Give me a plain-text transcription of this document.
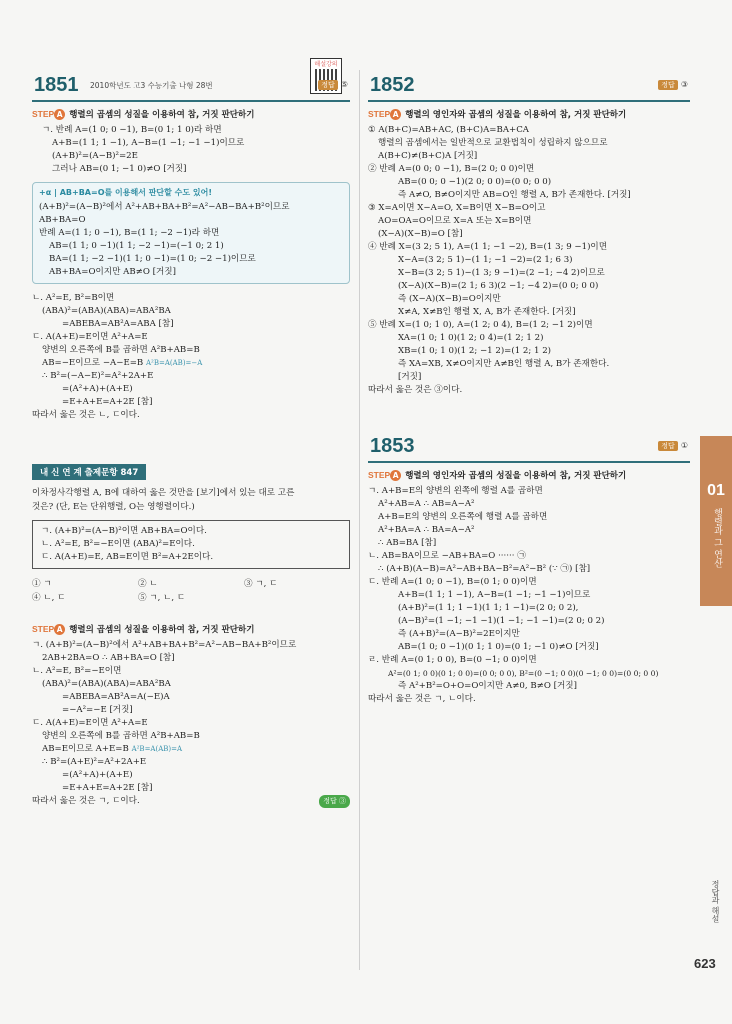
1851 2010학년도 고3 수능기출 나형 28번
해설강의
정답 ⑤
STEP A 행렬의 곱셈의 성질을 이용하여 참, 거짓 판단하기
ㄱ. 반례 A=(1 0; 0 −1), B=(0 1; 1 0)라 하면
A+B=(1 1; 1 −1), A−B=(1 −1; −1 −1)이므로
(A+B)²=(A−B)²=2E
그러나 AB=(0 1; −1 0)≠O [거짓]
+α | AB+BA=O를 이용해서 판단할 수도 있어!
(A+B)²=(A−B)²에서 A²+AB+BA+B²=A²−AB−BA+B²이므로
AB+BA=O
반례 A=(1 1; 0 −1), B=(1 1; −2 −1)라 하면
AB=(1 1; 0 −1)(1 1; −2 −1)=(−1 0; 2 1)
BA=(1 1; −2 −1)(1 1; 0 −1)=(1 0; −2 −1)이므로
AB+BA=O이지만 AB≠O [거짓]
ㄴ. A²=E, B²=B이면
(ABA)²=(ABA)(ABA)=ABA²BA
=ABEBA=AB²A=ABA [참]
ㄷ. A(A+E)=E이면 A²+A=E
양변의 오른쪽에 B를 곱하면 A²B+AB=B
AB=−E이므로 −A−E=B A²B=A(AB)=−A
∴ B²=(−A−E)²=A²+2A+E
=(A²+A)+(A+E)
=E+A+E=A+2E [참]
따라서 옳은 것은 ㄴ, ㄷ이다.
내 신 연 계 출제문항 847
이차정사각행렬 A, B에 대하여 옳은 것만을 [보기]에서 있는 대로 고른
것은? (단, E는 단위행렬, O는 영행렬이다.)
ㄱ. (A+B)²=(A−B)²이면 AB+BA=O이다.
ㄴ. A²=E, B²=−E이면 (ABA)²=E이다.
ㄷ. A(A+E)=E, AB=E이면 B²=A+2E이다.
① ㄱ	② ㄴ	③ ㄱ, ㄷ
④ ㄴ, ㄷ	⑤ ㄱ, ㄴ, ㄷ
STEP A 행렬의 곱셈의 성질을 이용하여 참, 거짓 판단하기
ㄱ. (A+B)²=(A−B)²에서 A²+AB+BA+B²=A²−AB−BA+B²이므로
2AB+2BA=O ∴ AB+BA=O [참]
ㄴ. A²=E, B²=−E이면
(ABA)²=(ABA)(ABA)=ABA²BA
=ABEBA=AB²A=A(−E)A
=−A²=−E [거짓]
ㄷ. A(A+E)=E이면 A²+A=E
양변의 오른쪽에 B를 곱하면 A²B+AB=B
AB=E이므로 A+E=B A²B=A(AB)=A
∴ B²=(A+E)²=A²+2A+E
=(A²+A)+(A+E)
=E+A+E=A+2E [참]
따라서 옳은 것은 ㄱ, ㄷ이다.	정답 ③
1852	정답 ③
STEP A 행렬의 영인자와 곱셈의 성질을 이용하여 참, 거짓 판단하기
① A(B+C)=AB+AC, (B+C)A=BA+CA
행렬의 곱셈에서는 일반적으로 교환법칙이 성립하지 않으므로
A(B+C)≠(B+C)A [거짓]
② 반례 A=(0 0; 0 −1), B=(2 0; 0 0)이면
AB=(0 0; 0 −1)(2 0; 0 0)=(0 0; 0 0)
즉 A≠O, B≠O이지만 AB=O인 행렬 A, B가 존재한다. [거짓]
③ X=A이면 X−A=O, X=B이면 X−B=O이고
AO=OA=O이므로 X=A 또는 X=B이면
(X−A)(X−B)=O [참]
④ 반례 X=(3 2; 5 1), A=(1 1; −1 −2), B=(1 3; 9 −1)이면
X−A=(3 2; 5 1)−(1 1; −1 −2)=(2 1; 6 3)
X−B=(3 2; 5 1)−(1 3; 9 −1)=(2 −1; −4 2)이므로
(X−A)(X−B)=(2 1; 6 3)(2 −1; −4 2)=(0 0; 0 0)
즉 (X−A)(X−B)=O이지만
X≠A, X≠B인 행렬 X, A, B가 존재한다. [거짓]
⑤ 반례 X=(1 0; 1 0), A=(1 2; 0 4), B=(1 2; −1 2)이면
XA=(1 0; 1 0)(1 2; 0 4)=(1 2; 1 2)
XB=(1 0; 1 0)(1 2; −1 2)=(1 2; 1 2)
즉 XA=XB, X≠O이지만 A≠B인 행렬 A, B가 존재한다.
[거짓]
따라서 옳은 것은 ③이다.
1853	정답 ①
STEP A 행렬의 영인자와 곱셈의 성질을 이용하여 참, 거짓 판단하기
ㄱ. A+B=E의 양변의 왼쪽에 행렬 A를 곱하면
A²+AB=A ∴ AB=A−A²
A+B=E의 양변의 오른쪽에 행렬 A를 곱하면
A²+BA=A ∴ BA=A−A²
∴ AB=BA [참]
ㄴ. AB=BA이므로 −AB+BA=O ······ ㉠
∴ (A+B)(A−B)=A²−AB+BA−B²=A²−B² (∵ ㉠) [참]
ㄷ. 반례 A=(1 0; 0 −1), B=(0 1; 0 0)이면
A+B=(1 1; 1 −1), A−B=(1 −1; −1 −1)이므로
(A+B)²=(1 1; 1 −1)(1 1; 1 −1)=(2 0; 0 2),
(A−B)²=(1 −1; −1 −1)(1 −1; −1 −1)=(2 0; 0 2)
즉 (A+B)²=(A−B)²=2E이지만
AB=(1 0; 0 −1)(0 1; 1 0)=(0 1; −1 0)≠O [거짓]
ㄹ. 반례 A=(0 1; 0 0), B=(0 −1; 0 0)이면
A²=(0 1; 0 0)(0 1; 0 0)=(0 0; 0 0), B²=(0 −1; 0 0)(0 −1; 0 0)=(0 0; 0 0)
즉 A²+B²=O+O=O이지만 A≠0, B≠O [거짓]
따라서 옳은 것은 ㄱ, ㄴ이다.
01
행렬과 그 연산
정답과 해설
623
